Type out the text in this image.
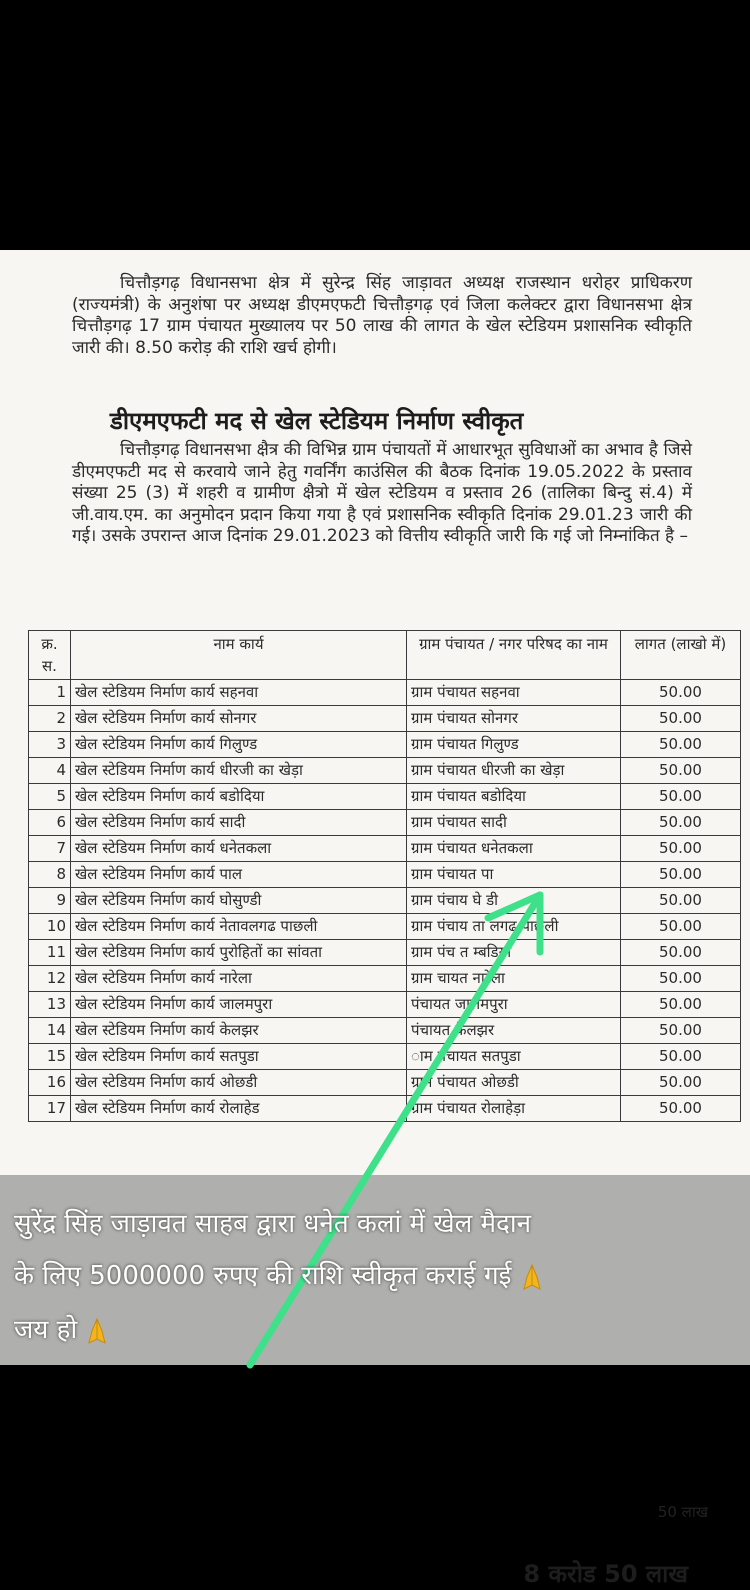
चित्तौड़गढ़ विधानसभा क्षेत्र में सुरेन्द्र सिंह जाड़ावत अध्यक्ष राजस्थान धरोहर प्राधिकरण (राज्यमंत्री) के अनुशंषा पर अध्यक्ष डीएमएफटी चित्तौड़गढ़ एवं जिला कलेक्टर द्वारा विधानसभा क्षेत्र चित्तौड़गढ़ 17 ग्राम पंचायत मुख्यालय पर 50 लाख की लागत के खेल स्टेडियम प्रशासनिक स्वीकृति जारी की। 8.50 करोड़ की राशि खर्च होगी।
डीएमएफटी मद से खेल स्टेडियम निर्माण स्वीकृत
चित्तौड़गढ़ विधानसभा क्षैत्र की विभिन्न ग्राम पंचायतों में आधारभूत सुविधाओं का अभाव है जिसे डीएमएफटी मद से करवाये जाने हेतु गवर्निंग काउंसिल की बैठक दिनांक 19.05.2022 के प्रस्ताव संख्या 25 (3) में शहरी व ग्रामीण क्षैत्रो में खेल स्टेडियम व प्रस्ताव 26 (तालिका बिन्दु सं.4) में जी.वाय.एम. का अनुमोदन प्रदान किया गया है एवं प्रशासनिक स्वीकृति दिनांक 29.01.23 जारी की गई। उसके उपरान्त आज दिनांक 29.01.2023 को वित्तीय स्वीकृति जारी कि गई जो निम्नांकित है –
क्र. स.	नाम कार्य	ग्राम पंचायत / नगर परिषद का नाम	लागत (लाखो में)
1	खेल स्टेडियम निर्माण कार्य सहनवा	ग्राम पंचायत सहनवा	50.00
2	खेल स्टेडियम निर्माण कार्य सोनगर	ग्राम पंचायत सोनगर	50.00
3	खेल स्टेडियम निर्माण कार्य गिलुण्ड	ग्राम पंचायत गिलुण्ड	50.00
4	खेल स्टेडियम निर्माण कार्य धीरजी का खेड़ा	ग्राम पंचायत धीरजी का खेड़ा	50.00
5	खेल स्टेडियम निर्माण कार्य बडोदिया	ग्राम पंचायत बडोदिया	50.00
6	खेल स्टेडियम निर्माण कार्य सादी	ग्राम पंचायत सादी	50.00
7	खेल स्टेडियम निर्माण कार्य धनेतकला	ग्राम पंचायत धनेतकला	50.00
8	खेल स्टेडियम निर्माण कार्य पाल	ग्राम पंचायत पा	50.00
9	खेल स्टेडियम निर्माण कार्य घोसुण्डी	ग्राम पंचाय घे डी	50.00
10	खेल स्टेडियम निर्माण कार्य नेतावलगढ पाछली	ग्राम पंचाय ता लगढ पाछली	50.00
11	खेल स्टेडियम निर्माण कार्य पुरोहितों का सांवता	ग्राम पंच त म्बडिया	50.00
12	खेल स्टेडियम निर्माण कार्य नारेला	ग्राम चायत नारेला	50.00
13	खेल स्टेडियम निर्माण कार्य जालमपुरा	पंचायत जालमपुरा	50.00
14	खेल स्टेडियम निर्माण कार्य केलझर	पंचायत केलझर	50.00
15	खेल स्टेडियम निर्माण कार्य सतपुडा	ाम पंचायत सतपुडा	50.00
16	खेल स्टेडियम निर्माण कार्य ओछडी	ग्राम पंचायत ओछडी	50.00
17	खेल स्टेडियम निर्माण कार्य रोलाहेड	ग्राम पंचायत रोलाहेड़ा	50.00
8 करोड 50 लाख
50 लाख
सुरेंद्र सिंह जाड़ावत साहब द्वारा धनेत कलां में खेल मैदान
के लिए 5000000 रुपए की राशि स्वीकृत कराई गई
जय हो
